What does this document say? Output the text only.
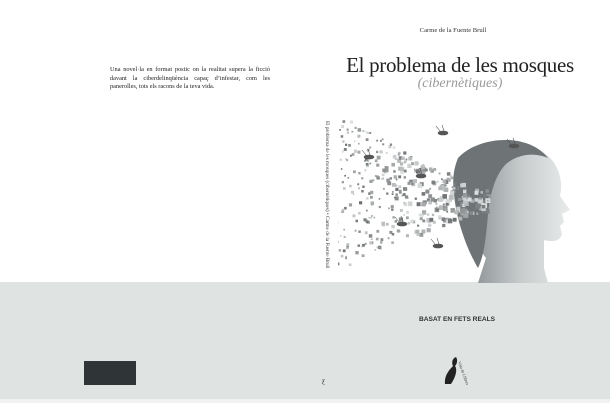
Una novel·la en format postic on la realitat supera la ficció davant la ciberdelinqüència capaç d’infestar, com les panerolles, tots els racons de la teva vida.

El problema de les mosques (cibernètiques) • Carme de la Fuente Brull
ƹ
Carme de la Fuente Brull
El problema de les mosques
(cibernètiques)
BASAT EN FETS REALS
Vida de Llibres
